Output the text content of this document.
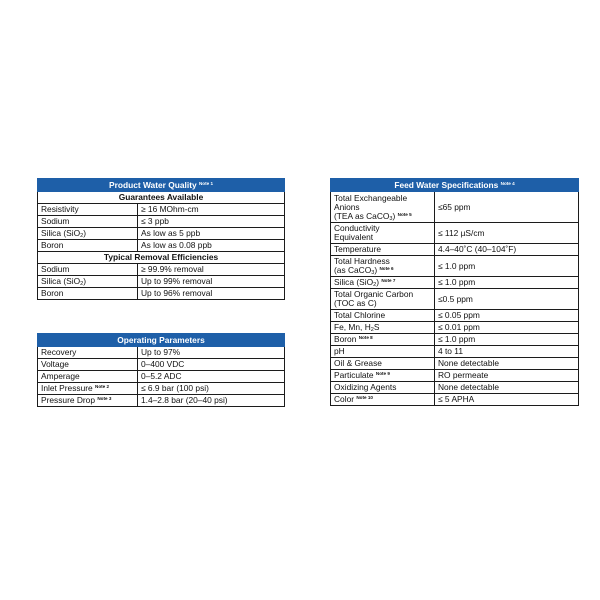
Product Water Quality $^{Note 1}$
Guarantees Available	
Resistivity	≥ 16 MOhm-cm
Sodium	≤ 3 ppb
Silica (SiO$_2$)	As low as 5 ppb
Boron	As low as 0.08 ppb
Typical Removal Efficiencies	
Sodium	≥ 99.9% removal
Silica (SiO$_2$)	Up to 99% removal
Boron	Up to 96% removal
Operating Parameters	
Recovery	Up to 97%
Voltage	0–400 VDC
Amperage	0–5.2 ADC
Inlet Pressure $^{Note 2}$	≤ 6.9 bar (100 psi)
Pressure Drop $^{Note 3}$	1.4–2.8 bar (20–40 psi)
Feed Water Specifications $^{Note 4}$
Total Exchangeable
Anions
(TEA as CaCO$_3$) $^{Note 5}$	≤65 ppm
Conductivity
Equivalent	≤ 112 µS/cm
Temperature	4.4–40˚C (40–104˚F)
Total Hardness
(as CaCO$_3$) $^{Note 6}$	≤ 1.0 ppm
Silica (SiO$_2$) $^{Note 7}$	≤ 1.0 ppm
Total Organic Carbon
(TOC as C)	≤0.5 ppm
Total Chlorine	≤ 0.05 ppm
Fe, Mn, $H_2S$	≤ 0.01 ppm
Boron $^{Note 8}$	≤ 1.0 ppm
pH	4 to 11
Oil & Grease	None detectable
Particulate $^{Note 9}$	RO permeate
Oxidizing Agents	None detectable
Color $^{Note 10}$	≤ 5 APHA
